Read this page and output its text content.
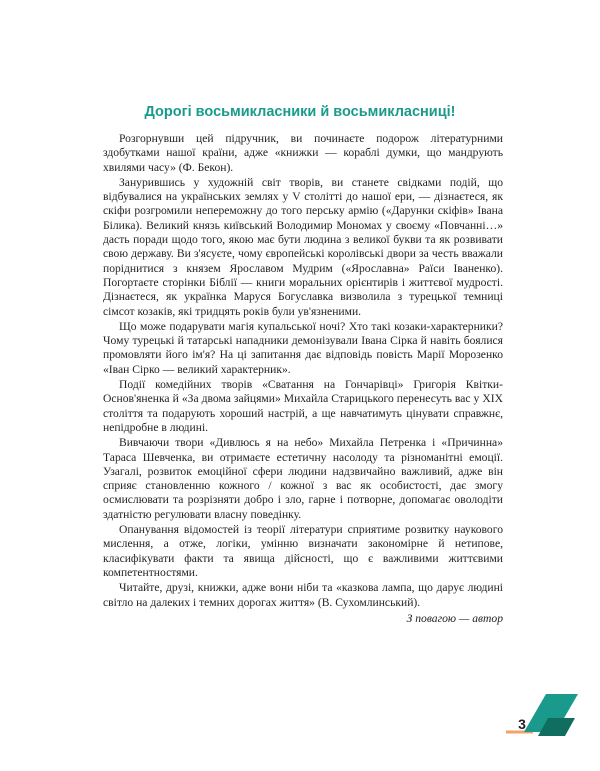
Дорогі восьмикласники й восьмикласниці!

Розгорнувши цей підручник, ви починаєте подорож літературними здобутками нашої країни, адже «книжки — кораблі думки, що мандрують хвилями часу» (Ф. Бекон).

Занурившись у художній світ творів, ви станете свідками подій, що відбувалися на українських землях у V столітті до нашої ери, — дізнаєтеся, як скіфи розгромили непереможну до того перську армію («Дарунки скіфів» Івана Білика). Великий князь київський Володимир Мономах у своєму «Повчанні…» дасть поради щодо того, якою має бути людина з великої букви та як розвивати свою державу. Ви з'ясуєте, чому європейські королівські двори за честь вважали поріднитися з князем Ярославом Мудрим («Ярославна» Раїси Іваненко). Погортаєте сторінки Біблії — книги моральних орієнтирів і життєвої мудрості. Дізнаєтеся, як українка Маруся Богуславка визволила з турецької темниці сімсот козаків, які тридцять років були ув'язненими.

Що може подарувати магія купальської ночі? Хто такі козаки-характерники? Чому турецькі й татарські нападники демонізували Івана Сірка й навіть боялися промовляти його ім'я? На ці запитання дає відповідь повість Марії Морозенко «Іван Сірко — великий характерник».

Події комедійних творів «Сватання на Гончарівці» Григорія Квітки-Основ'яненка й «За двома зайцями» Михайла Старицького перенесуть вас у XIX століття та подарують хороший настрій, а ще навчатимуть цінувати справжнє, непідробне в людині.

Вивчаючи твори «Дивлюсь я на небо» Михайла Петренка і «Причинна» Тараса Шевченка, ви отримаєте естетичну насолоду та різноманітні емоції. Узагалі, розвиток емоційної сфери людини надзвичайно важливий, адже він сприяє становленню кожного / кожної з вас як особистості, дає змогу осмислювати та розрізняти добро і зло, гарне і потворне, допомагає оволодіти здатністю регулювати власну поведінку.

Опанування відомостей із теорії літератури сприятиме розвитку наукового мислення, а отже, логіки, умінню визначати закономірне й нетипове, класифікувати факти та явища дійсності, що є важливими життєвими компетентностями.

Читайте, друзі, книжки, адже вони ніби та «казкова лампа, що дарує людині світло на далеких і темних дорогах життя» (В. Сухомлинський).

З повагою — автор

3
